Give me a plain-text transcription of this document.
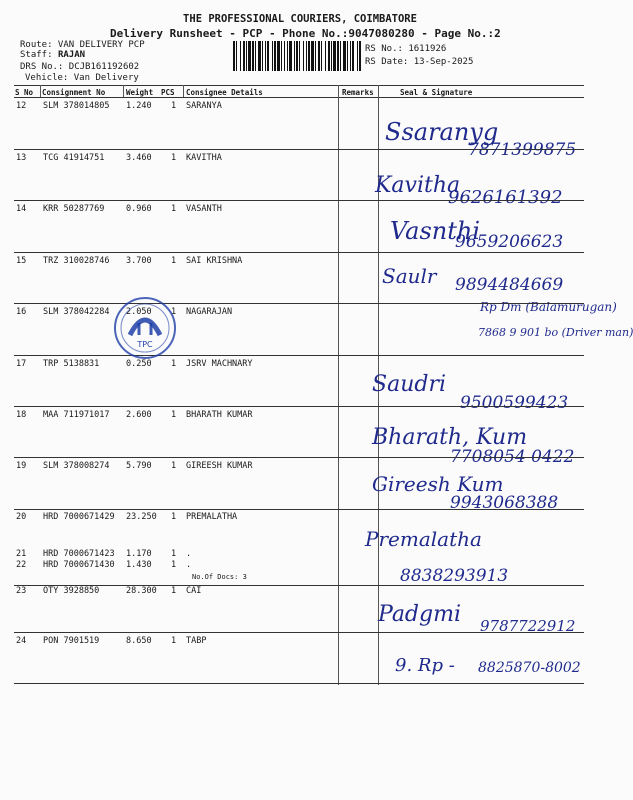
THE PROFESSIONAL COURIERS, COIMBATORE
Delivery Runsheet - PCP - Phone No.:9047080280 - Page No.:2
Route: VAN DELIVERY PCP
Staff: RAJAN
DRS No.: DCJB161192602
Vehicle: Van Delivery
RS No.: 1611926
RS Date: 13-Sep-2025
S No Consignment No	Weight PCS Consignee Details	Remarks	Seal & Signature
12 SLM 378014805 1.240 1 SARANYA
Ssaranyg
7871399875
13 TCG 41914751	3.460 1 KAVITHA
Kavitha
9626161392
14 KRR 50287769	0.960 1 VASANTH
Vasnthi
9659206623
15 TRZ 310028746 3.700 1 SAI KRISHNA
Saulr 9894484669
16 SLM 378042284 2.050 1 NAGARAJAN	Rp Dm (Balamurugan)
7868 9 901 bo (Driver man)
17 TRP 5138831	0.250 1 JSRV MACHNARY
Saudri
9500599423
18 MAA 711971017 2.600 1 BHARATH KUMAR
Bharath, Kum
7708054 0422
19 SLM 378008274 5.790 1 GIREESH KUMAR
Gireesh Kum
9943068388
20 HRD 7000671429 23.250 1 PREMALATHA
Premalatha
8838293913
21 HRD 7000671423 1.170 1 .
22 HRD 7000671430 1.430 1 .
No.Of Docs: 3
23 OTY 3928850	28.300 1 CAI
Padgmi 9787722912
24 PON 7901519	8.650 1 TABP
9. Rp - 8825870-8002
TPC
